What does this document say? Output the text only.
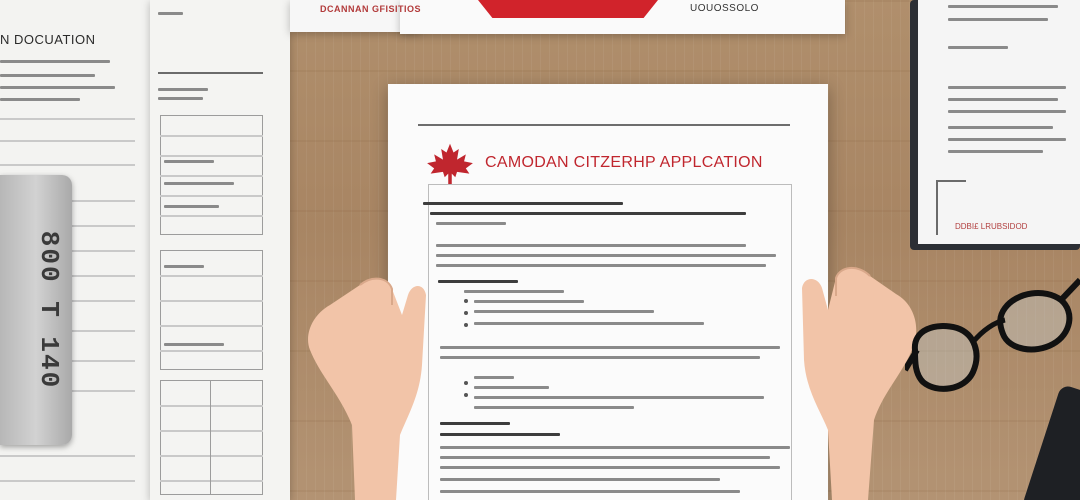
N DOCUATION
800 T 140
DCANNAN GFISITIOS	UOUOSSOLO
DDBI£ LRUBSIDOD
CAMODAN CITZERHP APPLCATION
